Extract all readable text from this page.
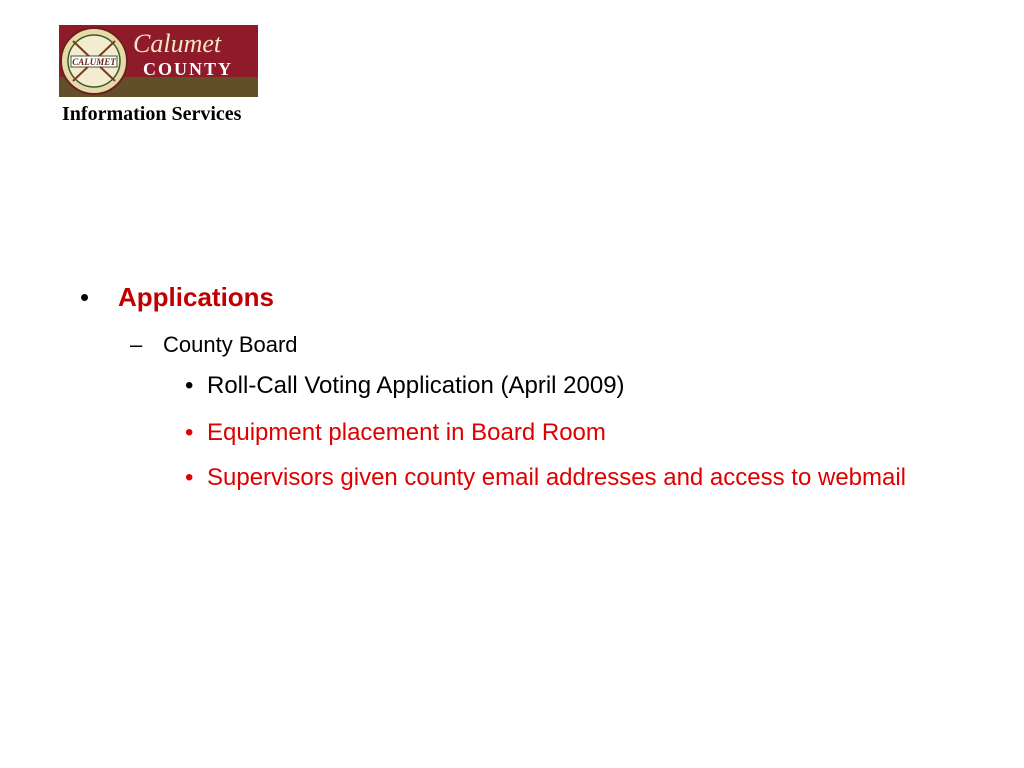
CALUMET
Calumet
COUNTY
Information Services
• Applications
– County Board
• Roll-Call Voting Application (April 2009)
• Equipment placement in Board Room
• Supervisors given county email addresses and access to webmail
